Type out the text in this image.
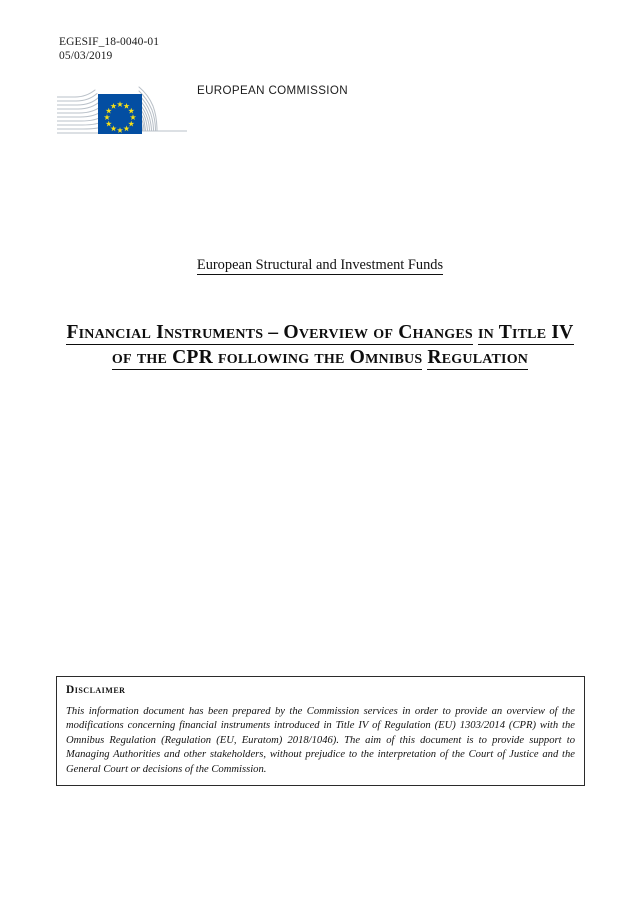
EGESIF_18-0040-01
05/03/2019
EUROPEAN COMMISSION
European Structural and Investment Funds
Financial Instruments – Overview of Changes in Title IV of the CPR following the Omnibus Regulation
Disclaimer
This information document has been prepared by the Commission services in order to provide an overview of the modifications concerning financial instruments introduced in Title IV of Regulation (EU) 1303/2014 (CPR) with the Omnibus Regulation (Regulation (EU, Euratom) 2018/1046). The aim of this document is to provide support to Managing Authorities and other stakeholders, without prejudice to the interpretation of the Court of Justice and the General Court or decisions of the Commission.
